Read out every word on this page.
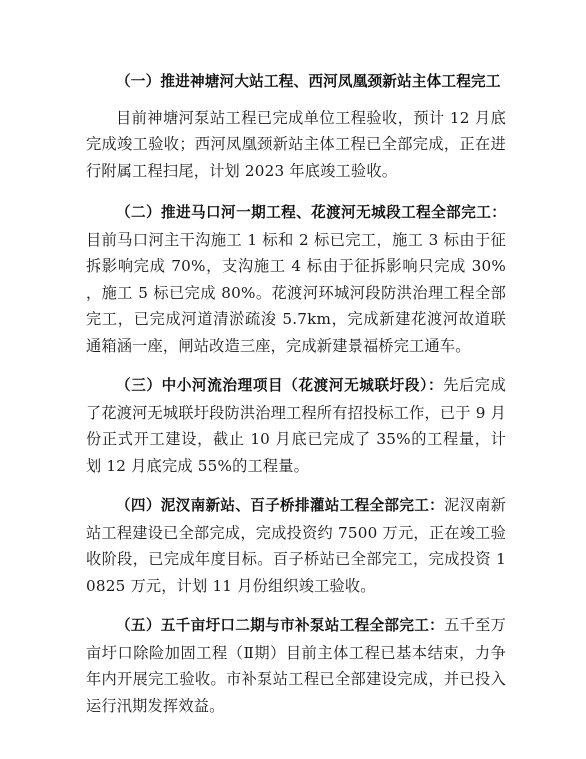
（一）推进神塘河大站工程、西河凤凰颈新站主体工程完工

目前神塘河泵站工程已完成单位工程验收，预计 12 月底完成竣工验收；西河凤凰颈新站主体工程已全部完成，正在进行附属工程扫尾，计划 2023 年底竣工验收。

（二）推进马口河一期工程、花渡河无城段工程全部完工：目前马口河主干沟施工 1 标和 2 标已完工，施工 3 标由于征拆影响完成 70%，支沟施工 4 标由于征拆影响只完成 30%，施工 5 标已完成 80%。花渡河环城河段防洪治理工程全部完工，已完成河道清淤疏浚 5.7km，完成新建花渡河故道联通箱涵一座，闸站改造三座，完成新建景福桥完工通车。

（三）中小河流治理项目（花渡河无城联圩段）：先后完成了花渡河无城联圩段防洪治理工程所有招投标工作，已于 9 月份正式开工建设，截止 10 月底已完成了 35%的工程量，计划 12 月底完成 55%的工程量。

（四）泥汊南新站、百子桥排灌站工程全部完工：泥汊南新站工程建设已全部完成，完成投资约 7500 万元，正在竣工验收阶段，已完成年度目标。百子桥站已全部完工，完成投资 10825 万元，计划 11 月份组织竣工验收。

（五）五千亩圩口二期与市补泵站工程全部完工：五千至万亩圩口除险加固工程（Ⅱ期）目前主体工程已基本结束，力争年内开展完工验收。市补泵站工程已全部建设完成，并已投入运行汛期发挥效益。
